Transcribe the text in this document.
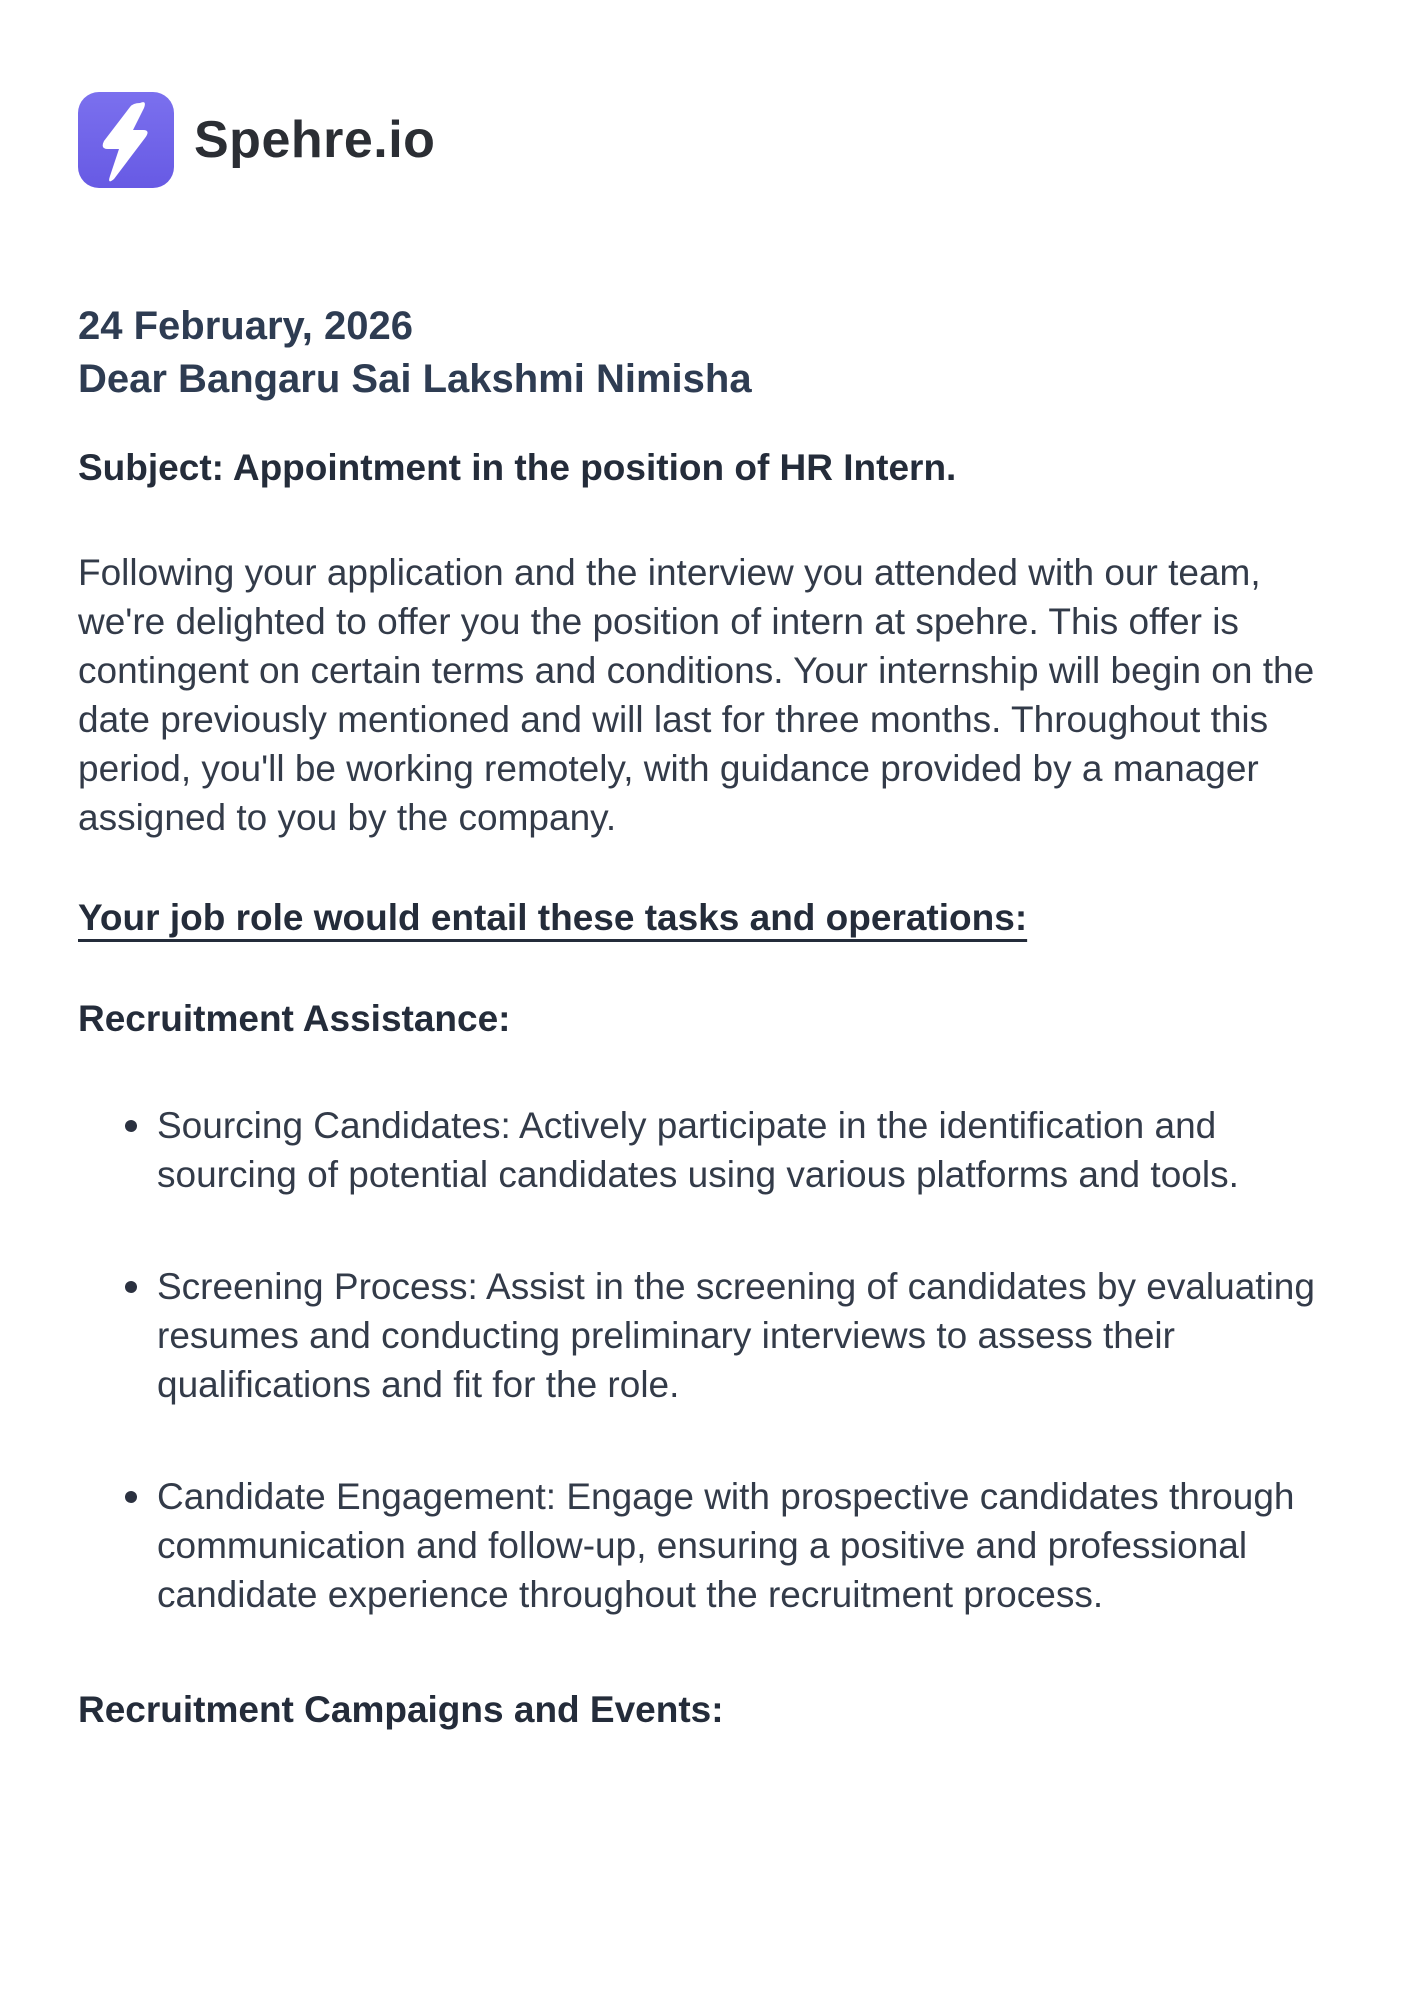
Spehre.io
24 February, 2026
Dear Bangaru Sai Lakshmi Nimisha
Subject: Appointment in the position of HR Intern.
Following your application and the interview you attended with our team, we're delighted to offer you the position of intern at spehre. This offer is contingent on certain terms and conditions. Your internship will begin on the date previously mentioned and will last for three months. Throughout this period, you'll be working remotely, with guidance provided by a manager assigned to you by the company.
Your job role would entail these tasks and operations:
Recruitment Assistance:
Sourcing Candidates: Actively participate in the identification and sourcing of potential candidates using various platforms and tools.
Screening Process: Assist in the screening of candidates by evaluating resumes and conducting preliminary interviews to assess their qualifications and fit for the role.
Candidate Engagement: Engage with prospective candidates through communication and follow-up, ensuring a positive and professional candidate experience throughout the recruitment process.
Recruitment Campaigns and Events:
